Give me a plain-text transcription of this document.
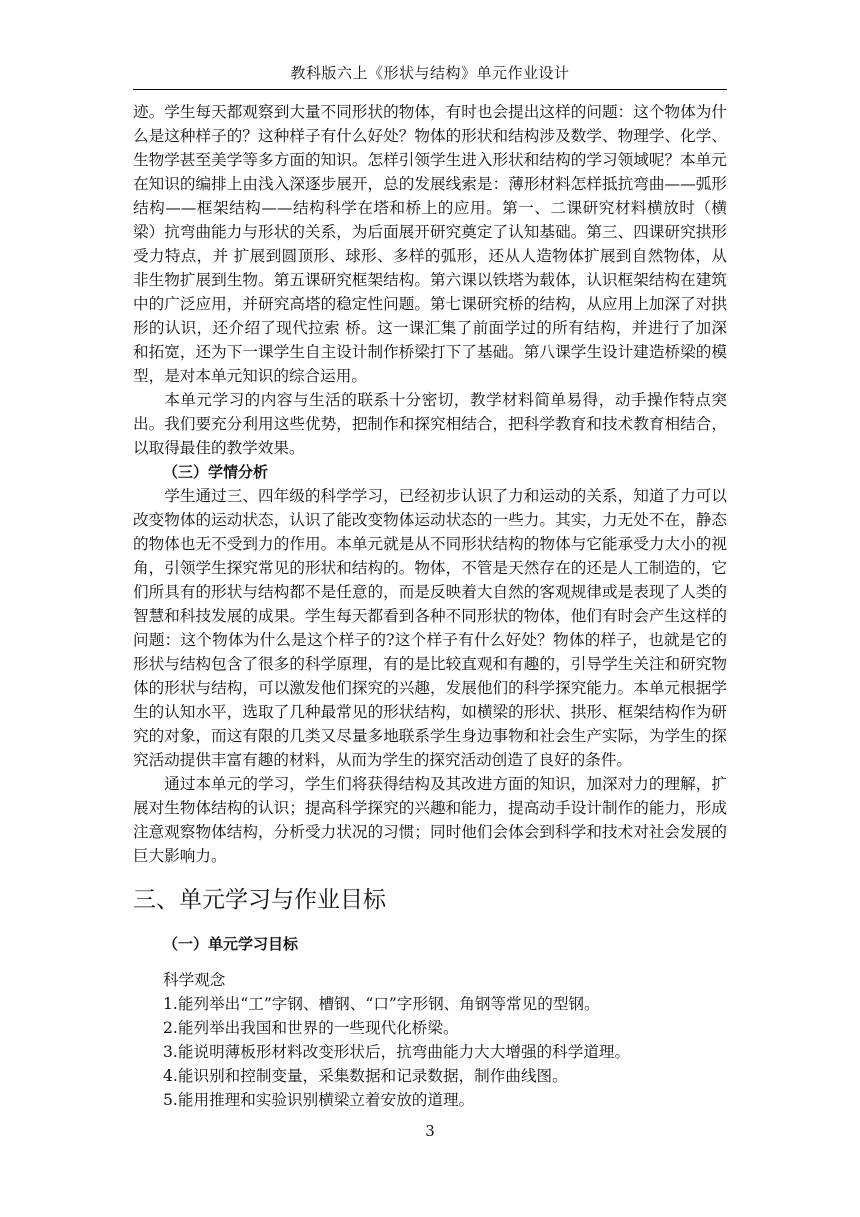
教科版六上《形状与结构》单元作业设计

迹。学生每天都观察到大量不同形状的物体，有时也会提出这样的问题：这个物体为什么是这种样子的？这种样子有什么好处？物体的形状和结构涉及数学、物理学、化学、生物学甚至美学等多方面的知识。怎样引领学生进入形状和结构的学习领域呢？本单元在知识的编排上由浅入深逐步展开，总的发展线索是：薄形材料怎样抵抗弯曲——弧形结构——框架结构——结构科学在塔和桥上的应用。第一、二课研究材料横放时（横梁）抗弯曲能力与形状的关系，为后面展开研究奠定了认知基础。第三、四课研究拱形受力特点，并 扩展到圆顶形、球形、多样的弧形，还从人造物体扩展到自然物体，从非生物扩展到生物。第五课研究框架结构。第六课以铁塔为载体，认识框架结构在建筑中的广泛应用，并研究高塔的稳定性问题。第七课研究桥的结构，从应用上加深了对拱形的认识，还介绍了现代拉索 桥。这一课汇集了前面学过的所有结构，并进行了加深和拓宽，还为下一课学生自主设计制作桥梁打下了基础。第八课学生设计建造桥梁的模型，是对本单元知识的综合运用。

本单元学习的内容与生活的联系十分密切，教学材料简单易得，动手操作特点突出。我们要充分利用这些优势，把制作和探究相结合，把科学教育和技术教育相结合，以取得最佳的教学效果。

（三）学情分析

学生通过三、四年级的科学学习，已经初步认识了力和运动的关系，知道了力可以改变物体的运动状态，认识了能改变物体运动状态的一些力。其实，力无处不在，静态的物体也无不受到力的作用。本单元就是从不同形状结构的物体与它能承受力大小的视角，引领学生探究常见的形状和结构的。物体，不管是天然存在的还是人工制造的，它们所具有的形状与结构都不是任意的，而是反映着大自然的客观规律或是表现了人类的智慧和科技发展的成果。学生每天都看到各种不同形状的物体，他们有时会产生这样的问题：这个物体为什么是这个样子的?这个样子有什么好处？物体的样子，也就是它的形状与结构包含了很多的科学原理，有的是比较直观和有趣的，引导学生关注和研究物体的形状与结构，可以激发他们探究的兴趣，发展他们的科学探究能力。本单元根据学生的认知水平，选取了几种最常见的形状结构，如横梁的形状、拱形、框架结构作为研究的对象，而这有限的几类又尽量多地联系学生身边事物和社会生产实际，为学生的探究活动提供丰富有趣的材料，从而为学生的探究活动创造了良好的条件。

通过本单元的学习，学生们将获得结构及其改进方面的知识，加深对力的理解，扩展对生物体结构的认识；提高科学探究的兴趣和能力，提高动手设计制作的能力，形成注意观察物体结构，分析受力状况的习惯；同时他们会体会到科学和技术对社会发展的巨大影响力。

三、单元学习与作业目标

（一）单元学习目标

科学观念

1.能列举出“工”字钢、槽钢、“口”字形钢、角钢等常见的型钢。

2.能列举出我国和世界的一些现代化桥梁。

3.能说明薄板形材料改变形状后，抗弯曲能力大大增强的科学道理。

4.能识别和控制变量，采集数据和记录数据，制作曲线图。

5.能用推理和实验识别横梁立着安放的道理。

3
